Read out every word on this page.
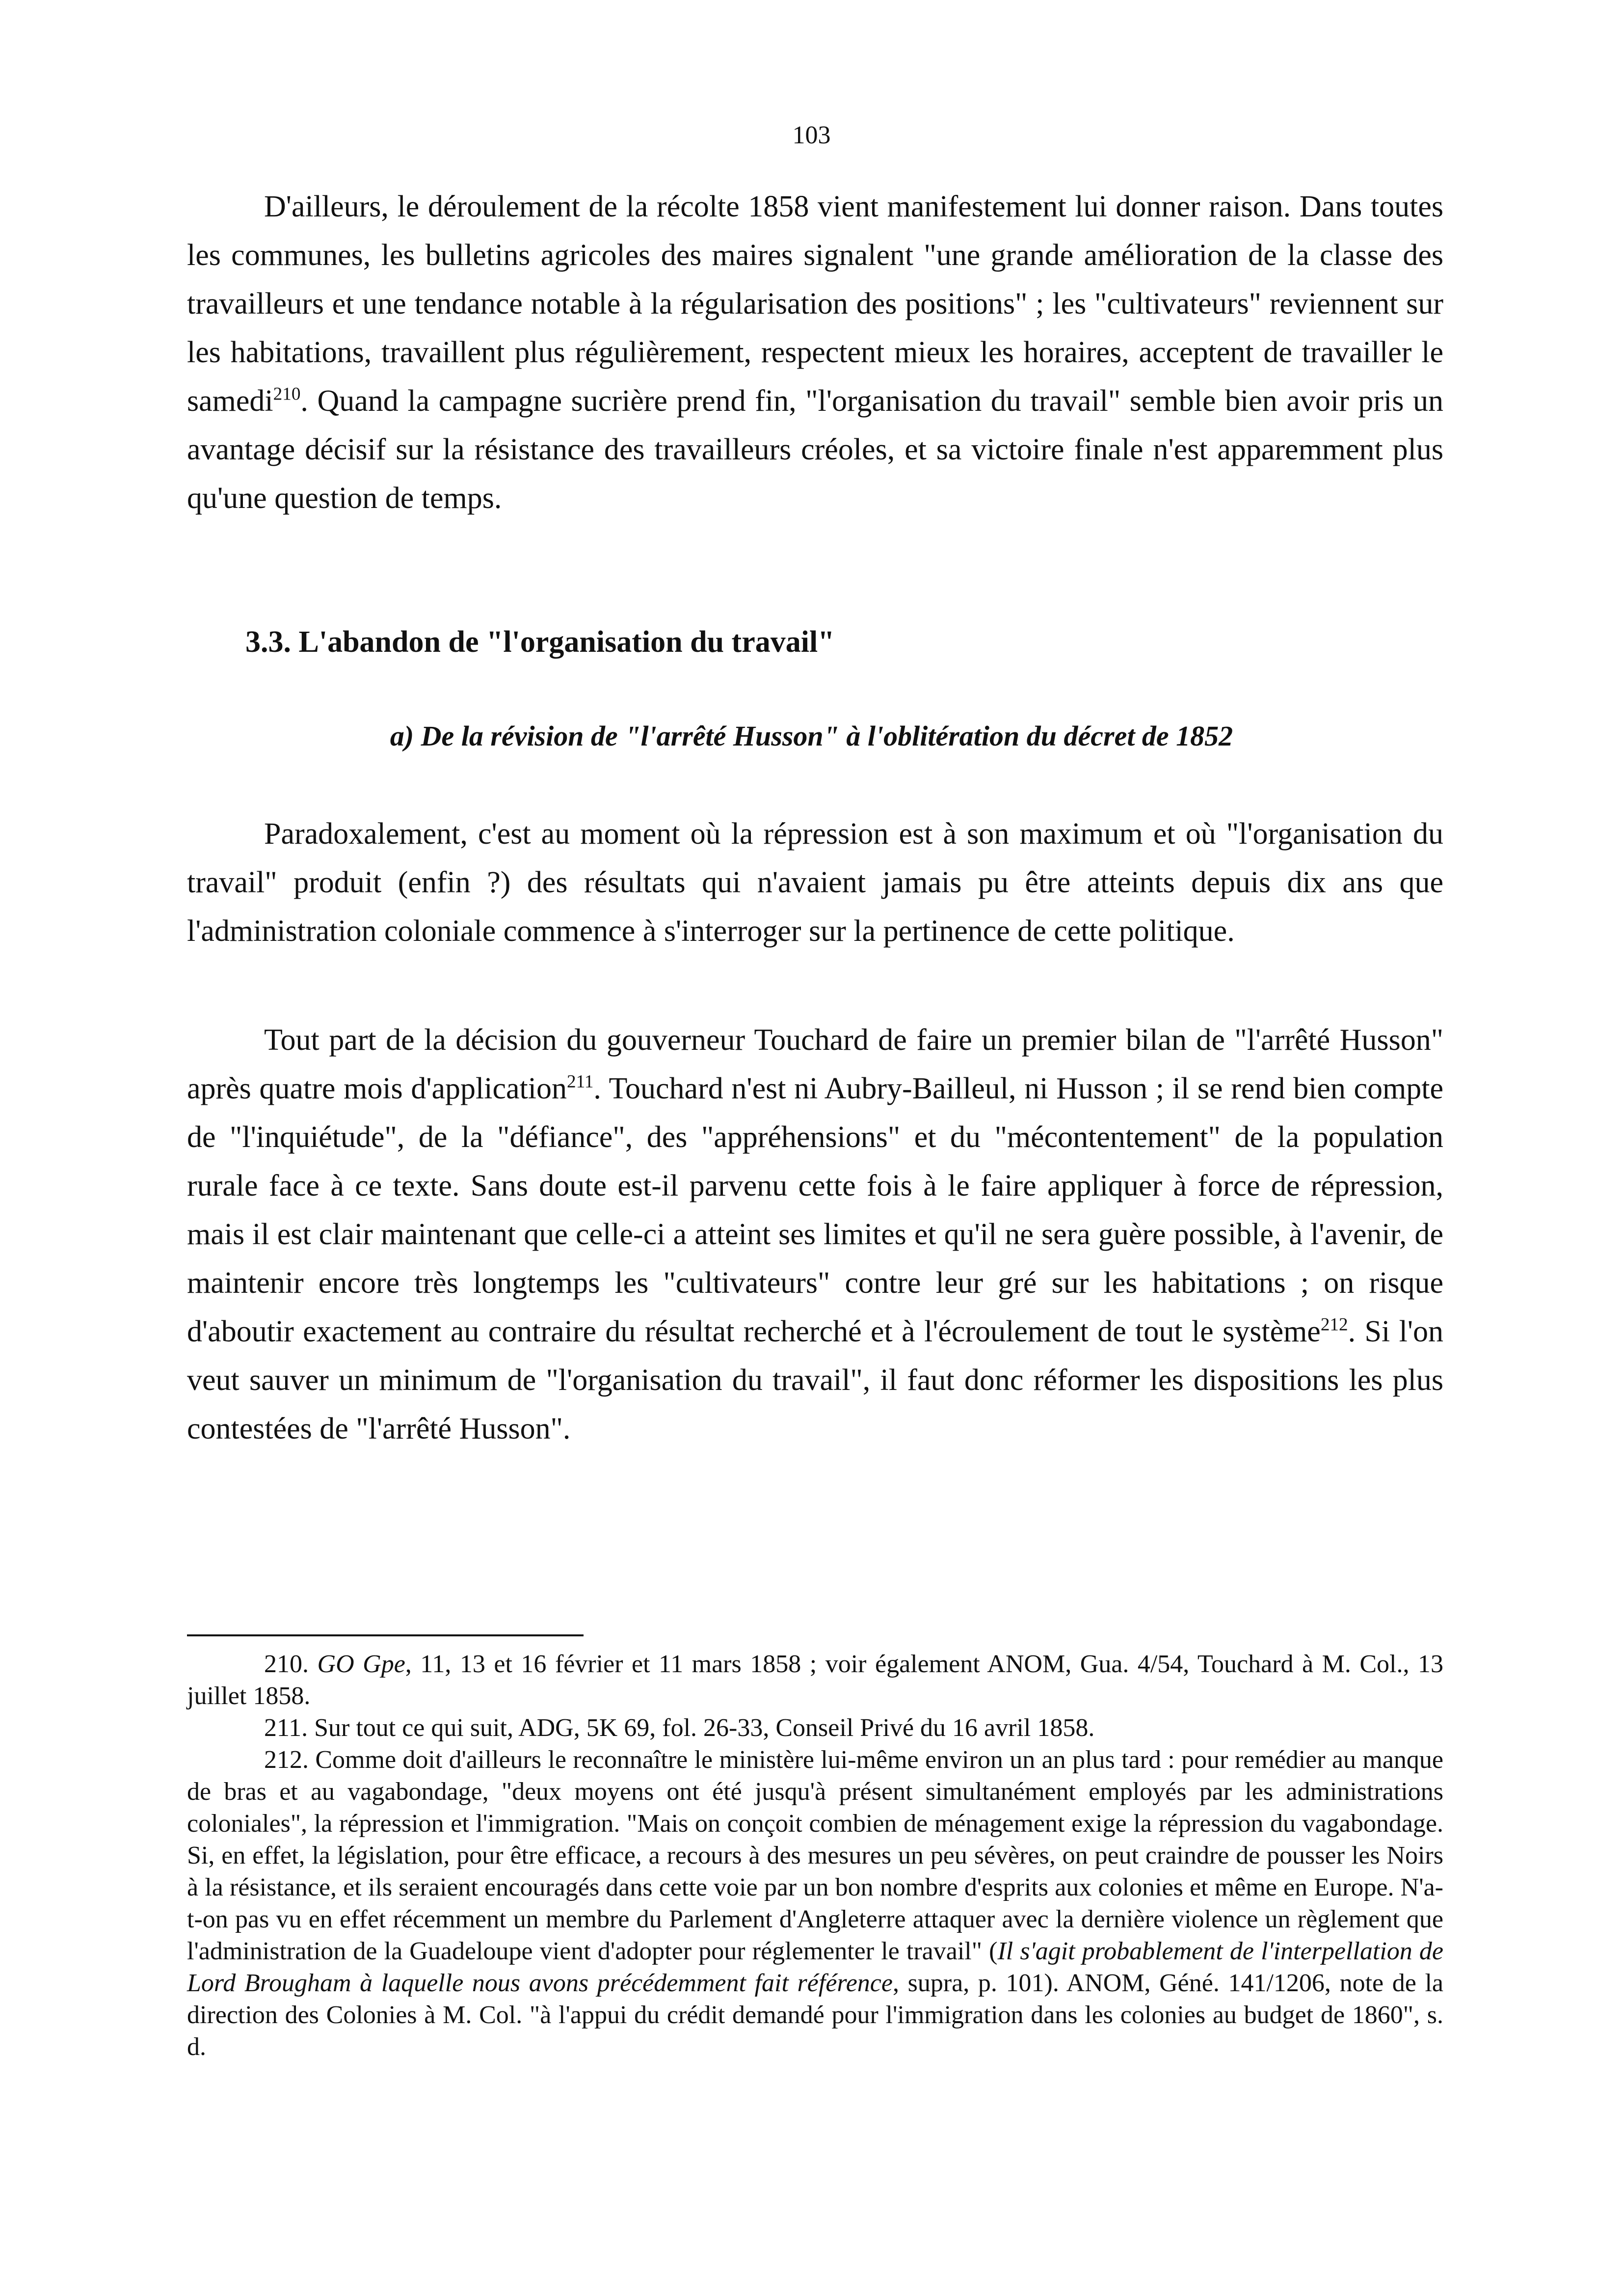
103

D'ailleurs, le déroulement de la récolte 1858 vient manifestement lui donner raison. Dans toutes les communes, les bulletins agricoles des maires signalent "une grande amélioration de la classe des travailleurs et une tendance notable à la régularisation des positions" ; les "cultivateurs" reviennent sur les habitations, travaillent plus régulièrement, respectent mieux les horaires, acceptent de travailler le samedi$^{210}$. Quand la campagne sucrière prend fin, "l'organisation du travail" semble bien avoir pris un avantage décisif sur la résistance des travailleurs créoles, et sa victoire finale n'est apparemment plus qu'une question de temps.

3.3. L'abandon de "l'organisation du travail"
a) De la révision de "l'arrêté Husson" à l'oblitération du décret de 1852

Paradoxalement, c'est au moment où la répression est à son maximum et où "l'organisation du travail" produit (enfin ?) des résultats qui n'avaient jamais pu être atteints depuis dix ans que l'administration coloniale commence à s'interroger sur la pertinence de cette politique.

Tout part de la décision du gouverneur Touchard de faire un premier bilan de "l'arrêté Husson" après quatre mois d'application$^{211}$. Touchard n'est ni Aubry-Bailleul, ni Husson ; il se rend bien compte de "l'inquiétude", de la "défiance", des "appréhensions" et du "mécontentement" de la population rurale face à ce texte. Sans doute est-il parvenu cette fois à le faire appliquer à force de répression, mais il est clair maintenant que celle-ci a atteint ses limites et qu'il ne sera guère possible, à l'avenir, de maintenir encore très longtemps les "cultivateurs" contre leur gré sur les habitations ; on risque d'aboutir exactement au contraire du résultat recherché et à l'écroulement de tout le système$^{212}$. Si l'on veut sauver un minimum de "l'organisation du travail", il faut donc réformer les dispositions les plus contestées de "l'arrêté Husson".

210. GO Gpe, 11, 13 et 16 février et 11 mars 1858 ; voir également ANOM, Gua. 4/54, Touchard à M. Col., 13 juillet 1858.

211. Sur tout ce qui suit, ADG, 5K 69, fol. 26-33, Conseil Privé du 16 avril 1858.

212. Comme doit d'ailleurs le reconnaître le ministère lui-même environ un an plus tard : pour remédier au manque de bras et au vagabondage, "deux moyens ont été jusqu'à présent simultanément employés par les administrations coloniales", la répression et l'immigration. "Mais on conçoit combien de ménagement exige la répression du vagabondage. Si, en effet, la législation, pour être efficace, a recours à des mesures un peu sévères, on peut craindre de pousser les Noirs à la résistance, et ils seraient encouragés dans cette voie par un bon nombre d'esprits aux colonies et même en Europe. N'a-t-on pas vu en effet récemment un membre du Parlement d'Angleterre attaquer avec la dernière violence un règlement que l'administration de la Guadeloupe vient d'adopter pour réglementer le travail" (Il s'agit probablement de l'interpellation de Lord Brougham à laquelle nous avons précédemment fait référence, supra, p. 101). ANOM, Géné. 141/1206, note de la direction des Colonies à M. Col. "à l'appui du crédit demandé pour l'immigration dans les colonies au budget de 1860", s. d.
